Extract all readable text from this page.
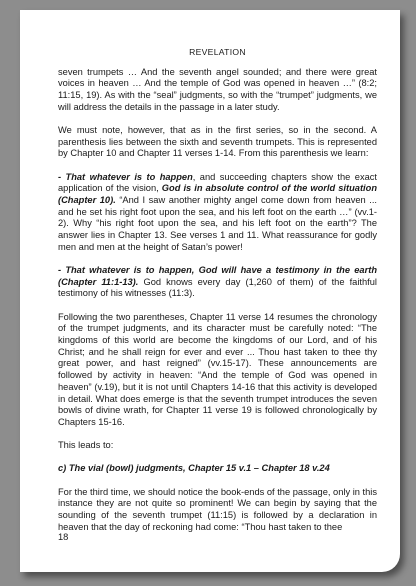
REVELATION

seven trumpets … And the seventh angel sounded; and there were great voices in heaven … And the temple of God was opened in heaven …” (8:2; 11:15, 19). As with the “seal” judgments, so with the “trumpet” judgments, we will address the details in the passage in a later study.

We must note, however, that as in the first series, so in the second. A parenthesis lies between the sixth and seventh trumpets. This is represented by Chapter 10 and Chapter 11 verses 1-14. From this parenthesis we learn:

- That whatever is to happen, and succeeding chapters show the exact application of the vision, God is in absolute control of the world situation (Chapter 10). “And I saw another mighty angel come down from heaven ... and he set his right foot upon the sea, and his left foot on the earth …” (vv.1-2). Why “his right foot upon the sea, and his left foot on the earth”? The answer lies in Chapter 13. See verses 1 and 11. What reassurance for godly men and men at the height of Satan’s power!

- That whatever is to happen, God will have a testimony in the earth (Chapter 11:1-13). God knows every day (1,260 of them) of the faithful testimony of his witnesses (11:3).

Following the two parentheses, Chapter 11 verse 14 resumes the chronology of the trumpet judgments, and its character must be carefully noted: “The kingdoms of this world are become the kingdoms of our Lord, and of his Christ; and he shall reign for ever and ever ... Thou hast taken to thee thy great power, and hast reigned” (vv.15-17). These announcements are followed by activity in heaven: “And the temple of God was opened in heaven” (v.19), but it is not until Chapters 14-16 that this activity is developed in detail. What does emerge is that the seventh trumpet introduces the seven bowls of divine wrath, for Chapter 11 verse 19 is followed chronologically by Chapters 15-16.

This leads to:

c) The vial (bowl) judgments, Chapter 15 v.1 – Chapter 18 v.24

For the third time, we should notice the book-ends of the passage, only in this instance they are not quite so prominent! We can begin by saying that the sounding of the seventh trumpet (11:15) is followed by a declaration in heaven that the day of reckoning had come: “Thou hast taken to thee

18
